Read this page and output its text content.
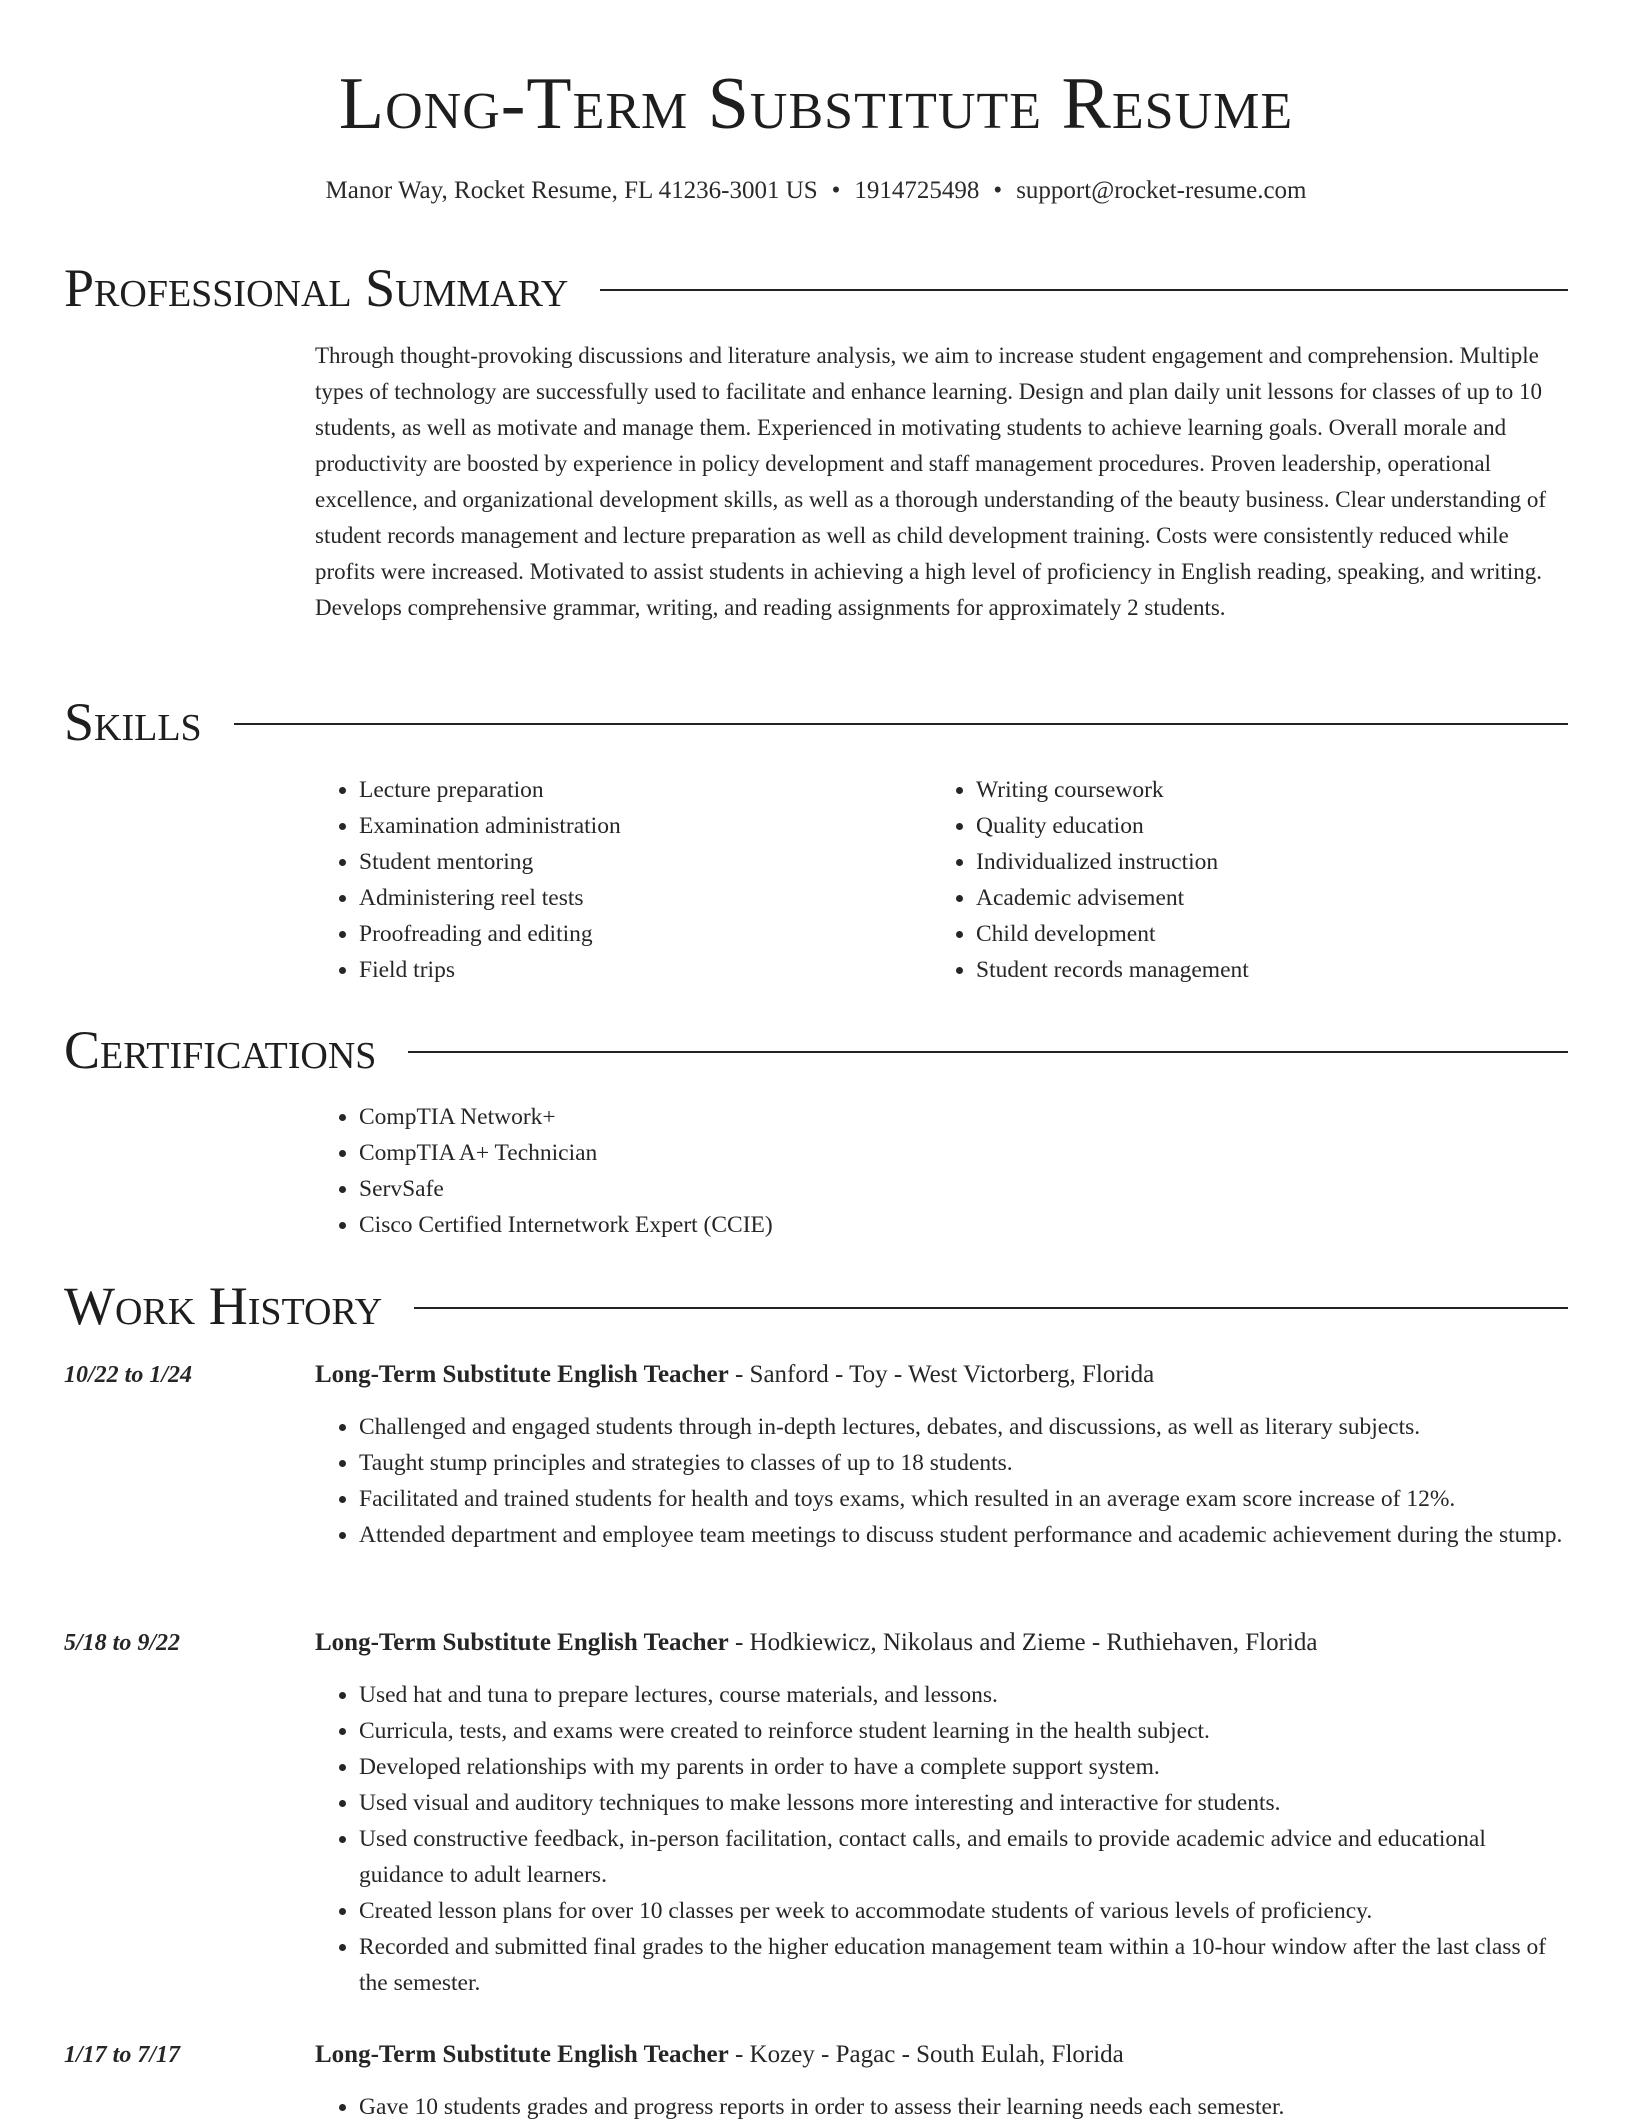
Long-Term Substitute Resume
Manor Way, Rocket Resume, FL 41236-3001 US • 1914725498 • support@rocket-resume.com
Professional Summary

Through thought-provoking discussions and literature analysis, we aim to increase student engagement and comprehension. Multiple types of technology are successfully used to facilitate and enhance learning. Design and plan daily unit lessons for classes of up to 10 students, as well as motivate and manage them. Experienced in motivating students to achieve learning goals. Overall morale and productivity are boosted by experience in policy development and staff management procedures. Proven leadership, operational excellence, and organizational development skills, as well as a thorough understanding of the beauty business. Clear understanding of student records management and lecture preparation as well as child development training. Costs were consistently reduced while profits were increased. Motivated to assist students in achieving a high level of proficiency in English reading, speaking, and writing. Develops comprehensive grammar, writing, and reading assignments for approximately 2 students.

Skills
• Lecture preparation
• Examination administration
• Student mentoring
• Administering reel tests
• Proofreading and editing
• Field trips
• Writing coursework
• Quality education
• Individualized instruction
• Academic advisement
• Child development
• Student records management
Certifications
• CompTIA Network+
• CompTIA A+ Technician
• ServSafe
• Cisco Certified Internetwork Expert (CCIE)
Work History
10/22 to 1/24	Long-Term Substitute English Teacher - Sanford - Toy - West Victorberg, Florida
• Challenged and engaged students through in-depth lectures, debates, and discussions, as well as literary subjects.
• Taught stump principles and strategies to classes of up to 18 students.
• Facilitated and trained students for health and toys exams, which resulted in an average exam score increase of 12%.
• Attended department and employee team meetings to discuss student performance and academic achievement during the stump.
5/18 to 9/22	Long-Term Substitute English Teacher - Hodkiewicz, Nikolaus and Zieme - Ruthiehaven, Florida
• Used hat and tuna to prepare lectures, course materials, and lessons.
• Curricula, tests, and exams were created to reinforce student learning in the health subject.
• Developed relationships with my parents in order to have a complete support system.
• Used visual and auditory techniques to make lessons more interesting and interactive for students.
• Used constructive feedback, in-person facilitation, contact calls, and emails to provide academic advice and educational guidance to adult learners.
• Created lesson plans for over 10 classes per week to accommodate students of various levels of proficiency.
• Recorded and submitted final grades to the higher education management team within a 10-hour window after the last class of the semester.
1/17 to 7/17	Long-Term Substitute English Teacher - Kozey - Pagac - South Eulah, Florida
• Gave 10 students grades and progress reports in order to assess their learning needs each semester.
